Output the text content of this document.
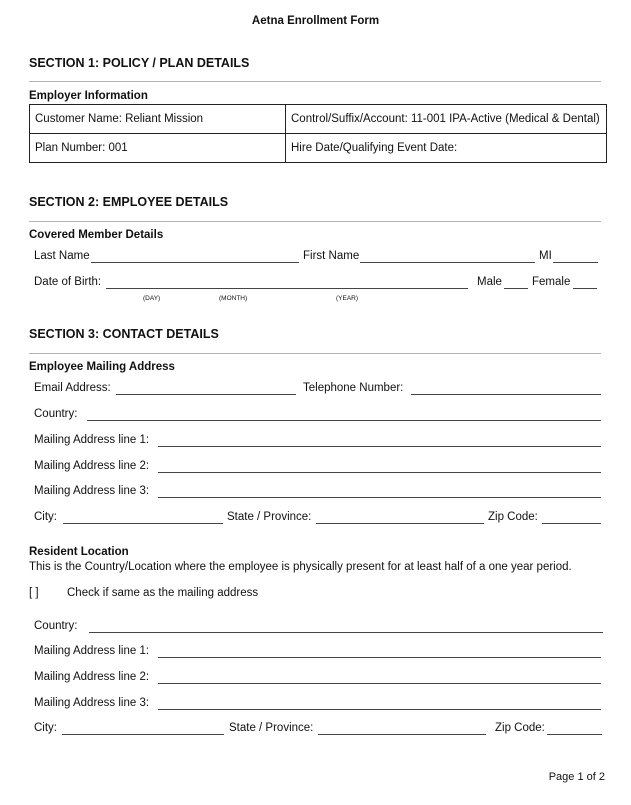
Aetna Enrollment Form
SECTION 1: POLICY / PLAN DETAILS
Employer Information
Customer Name: Reliant Mission	Control/Suffix/Account: 11-001 IPA-Active (Medical & Dental)
Plan Number: 001	Hire Date/Qualifying Event Date:
SECTION 2: EMPLOYEE DETAILS
Covered Member Details
Last Name	First Name	MI
Date of Birth:	Male	Female
(DAY)	(MONTH)	(YEAR)
SECTION 3: CONTACT DETAILS
Employee Mailing Address
Email Address:	Telephone Number:
Country:
Mailing Address line 1:
Mailing Address line 2:
Mailing Address line 3:
City:	State / Province:	Zip Code:
Resident Location
This is the Country/Location where the employee is physically present for at least half of a one year period.
[ ] Check if same as the mailing address
Country:
Mailing Address line 1:
Mailing Address line 2:
Mailing Address line 3:
City:	State / Province:	Zip Code:
Page 1 of 2
